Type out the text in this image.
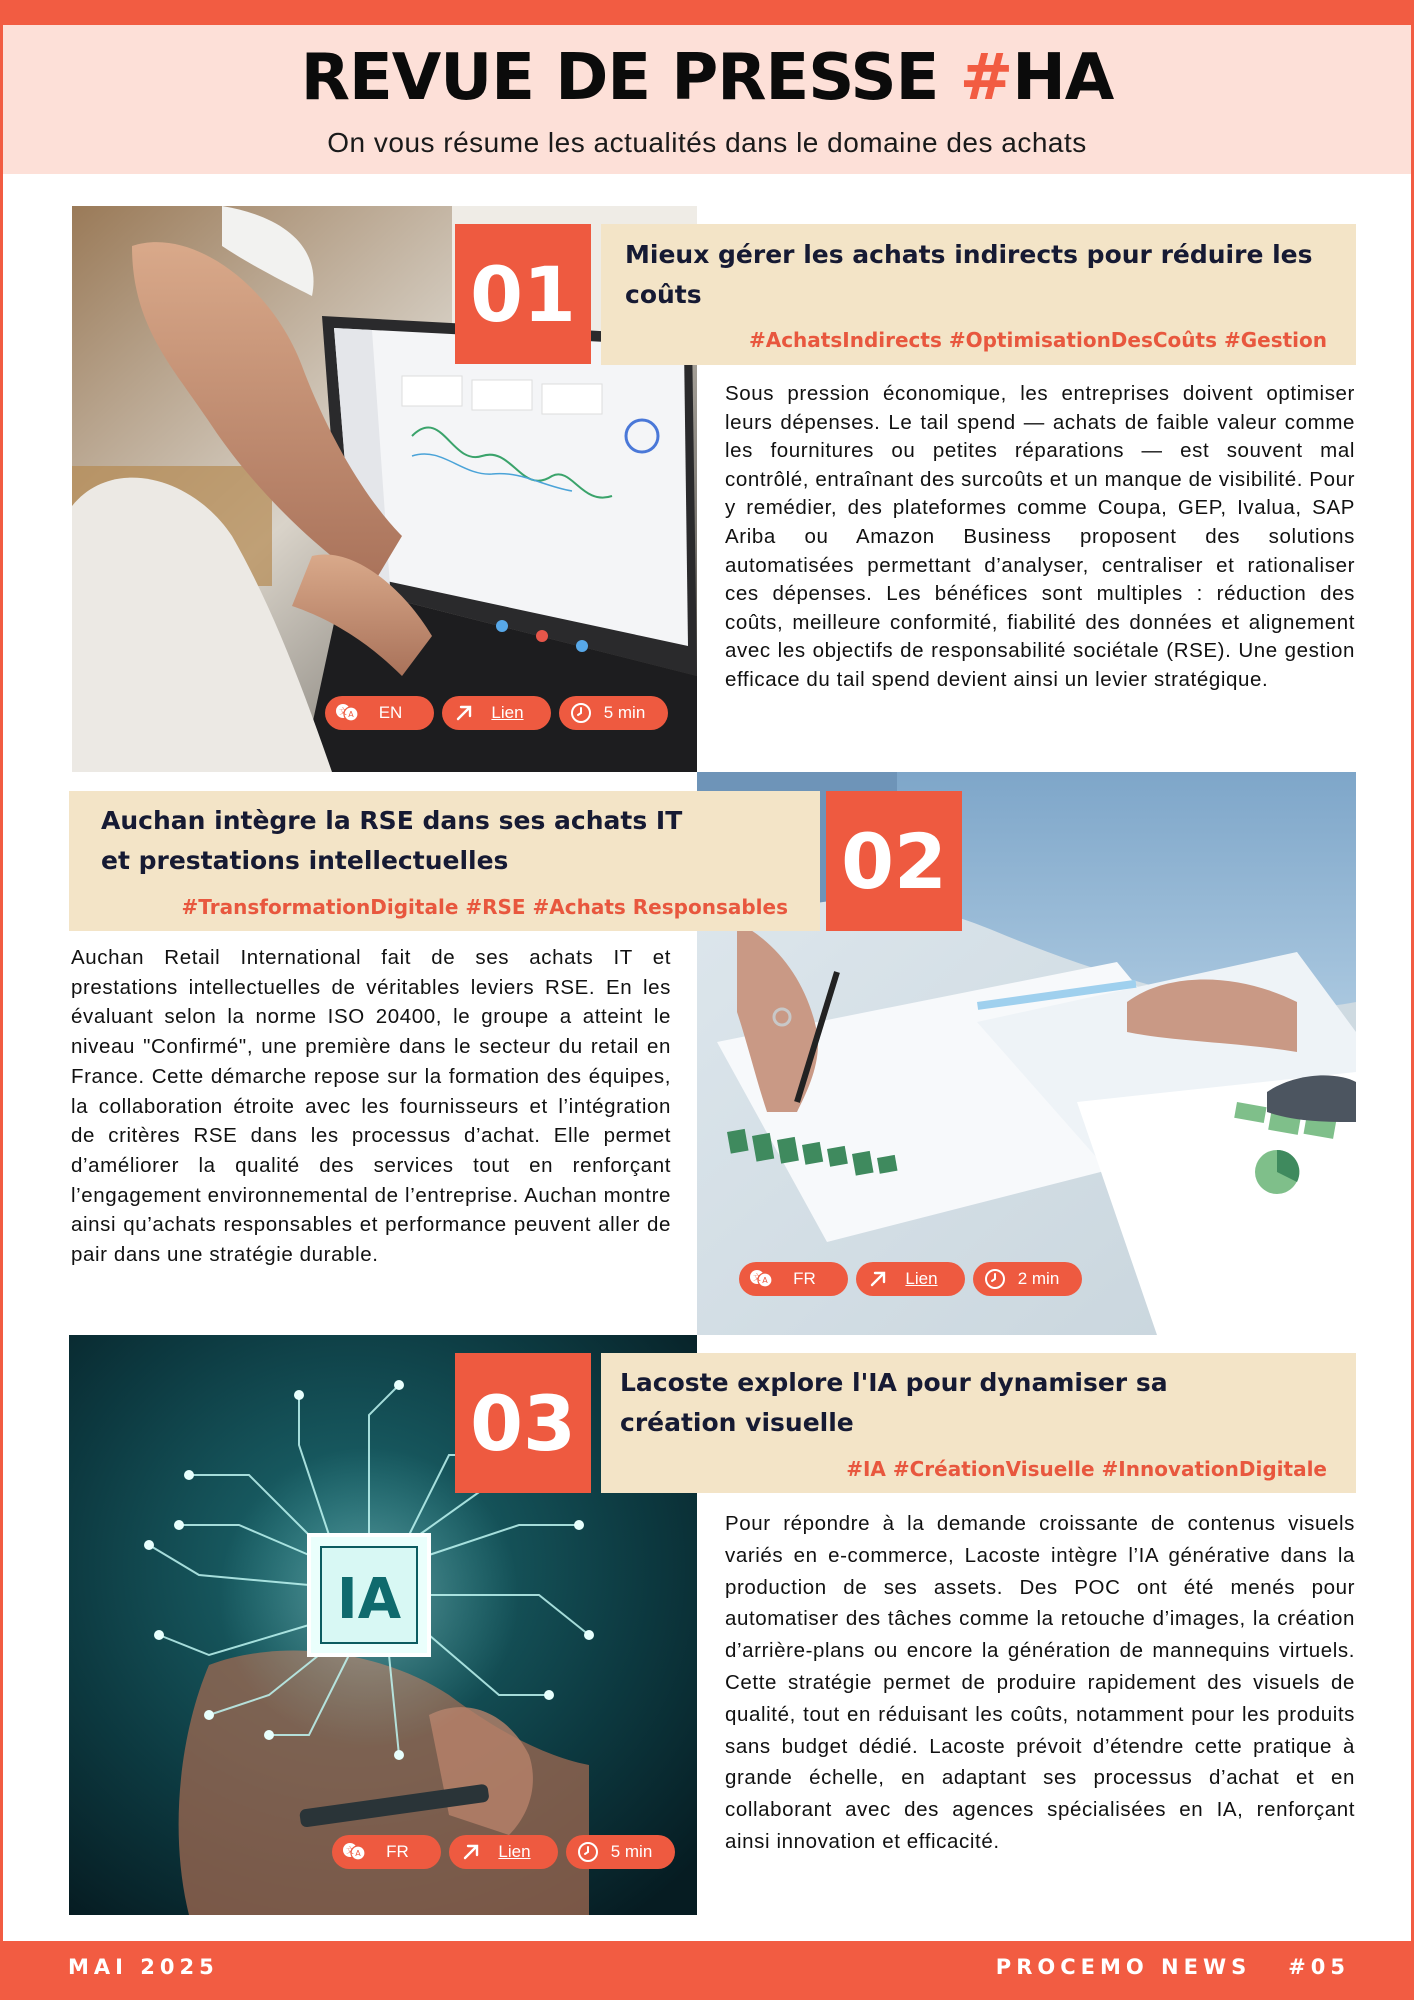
REVUE DE PRESSE #HA
On vous résume les actualités dans le domaine des achats
01	Mieux gérer les achats indirects pour réduire les coûts
#AchatsIndirects #OptimisationDesCoûts #Gestion
Sous pression économique, les entreprises doivent optimiser leurs dépenses. Le tail spend — achats de faible valeur comme les fournitures ou petites réparations — est souvent mal contrôlé, entraînant des surcoûts et un manque de visibilité. Pour y remédier, des plateformes comme Coupa, GEP, Ivalua, SAP Ariba ou Amazon Business proposent des solutions automatisées permettant d’analyser, centraliser et rationaliser ces dépenses. Les bénéfices sont multiples : réduction des coûts, meilleure conformité, fiabilité des données et alignement avec les objectifs de responsabilité sociétale (RSE). Une gestion efficace du tail spend devient ainsi un levier stratégique.
EN	Lien	5 min
02
Auchan intègre la RSE dans ses achats IT et prestations intellectuelles
#TransformationDigitale #RSE #Achats Responsables
Auchan Retail International fait de ses achats IT et prestations intellectuelles de véritables leviers RSE. En les évaluant selon la norme ISO 20400, le groupe a atteint le niveau "Confirmé", une première dans le secteur du retail en France. Cette démarche repose sur la formation des équipes, la collaboration étroite avec les fournisseurs et l’intégration de critères RSE dans les processus d’achat. Elle permet d’améliorer la qualité des services tout en renforçant l’engagement environnemental de l’entreprise. Auchan montre ainsi qu’achats responsables et performance peuvent aller de pair dans une stratégie durable.
FR	Lien	2 min
IA
03	Lacoste explore l'IA pour dynamiser sa création visuelle
#IA #CréationVisuelle #InnovationDigitale
Pour répondre à la demande croissante de contenus visuels variés en e-commerce, Lacoste intègre l’IA générative dans la production de ses assets. Des POC ont été menés pour automatiser des tâches comme la retouche d’images, la création d’arrière-plans ou encore la génération de mannequins virtuels. Cette stratégie permet de produire rapidement des visuels de qualité, tout en réduisant les coûts, notamment pour les produits sans budget dédié. Lacoste prévoit d’étendre cette pratique à grande échelle, en adaptant ses processus d’achat et en collaborant avec des agences spécialisées en IA, renforçant ainsi innovation et efficacité.
FR	Lien	5 min
MAI 2025	PROCEMO NEWS   #05
